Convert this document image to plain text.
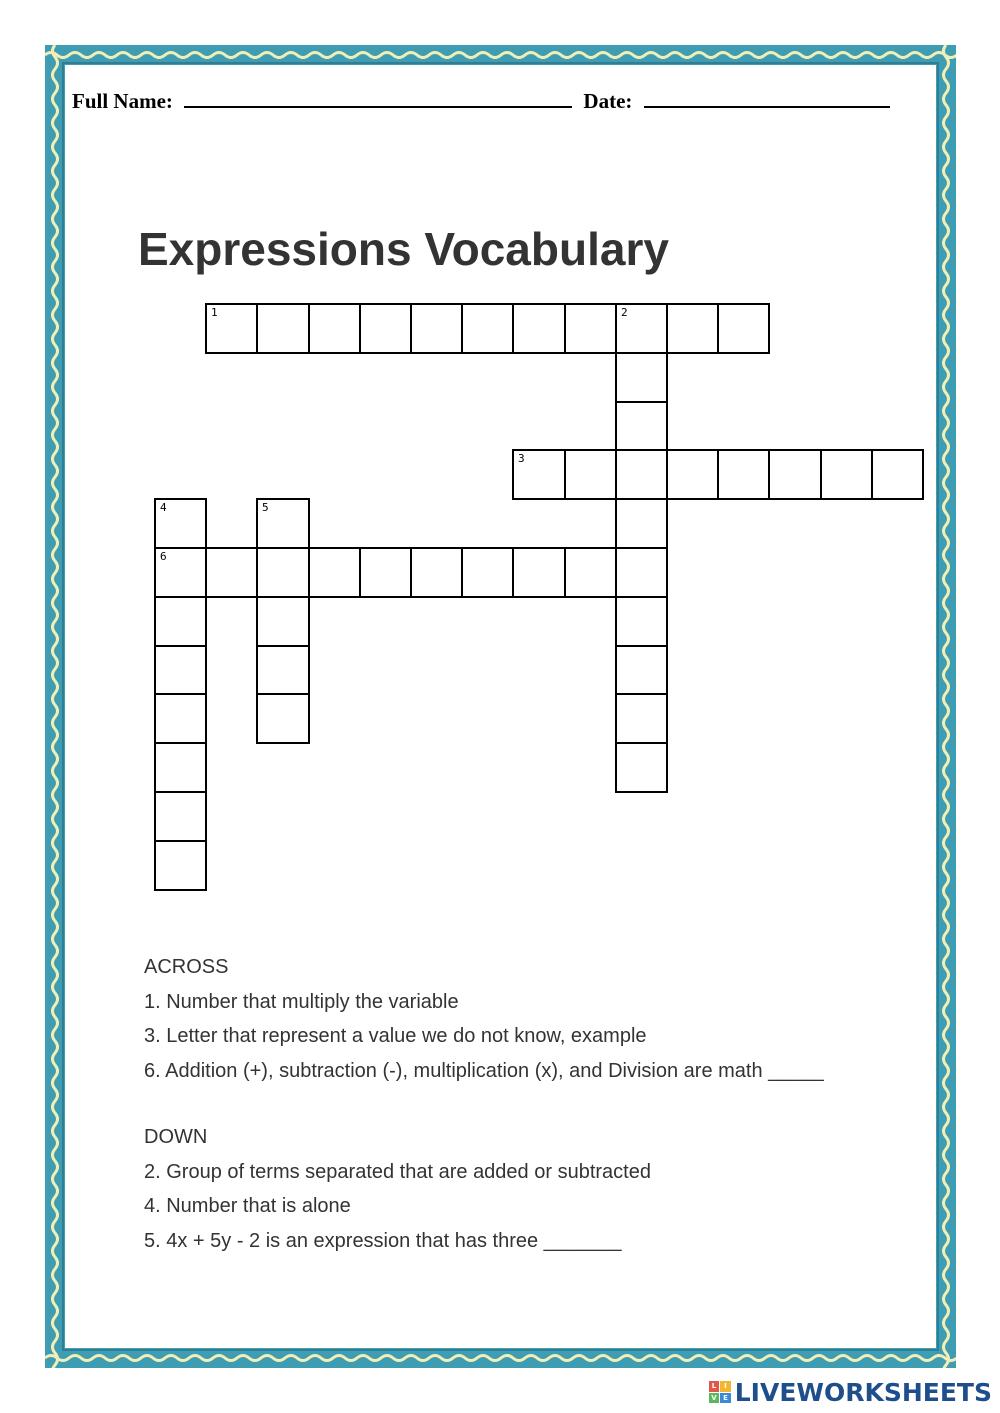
Full Name:	Date:
Expressions Vocabulary
1	2
3
4
6
5
ACROSS
1. Number that multiply the variable
3. Letter that represent a value we do not know, example
6. Addition (+), subtraction (-), multiplication (x), and Division are math _____
DOWN
2. Group of terms separated that are added or subtracted
4. Number that is alone
5. 4x + 5y - 2 is an expression that has three _______
L	I
V E LIVEWORKSHEETS
